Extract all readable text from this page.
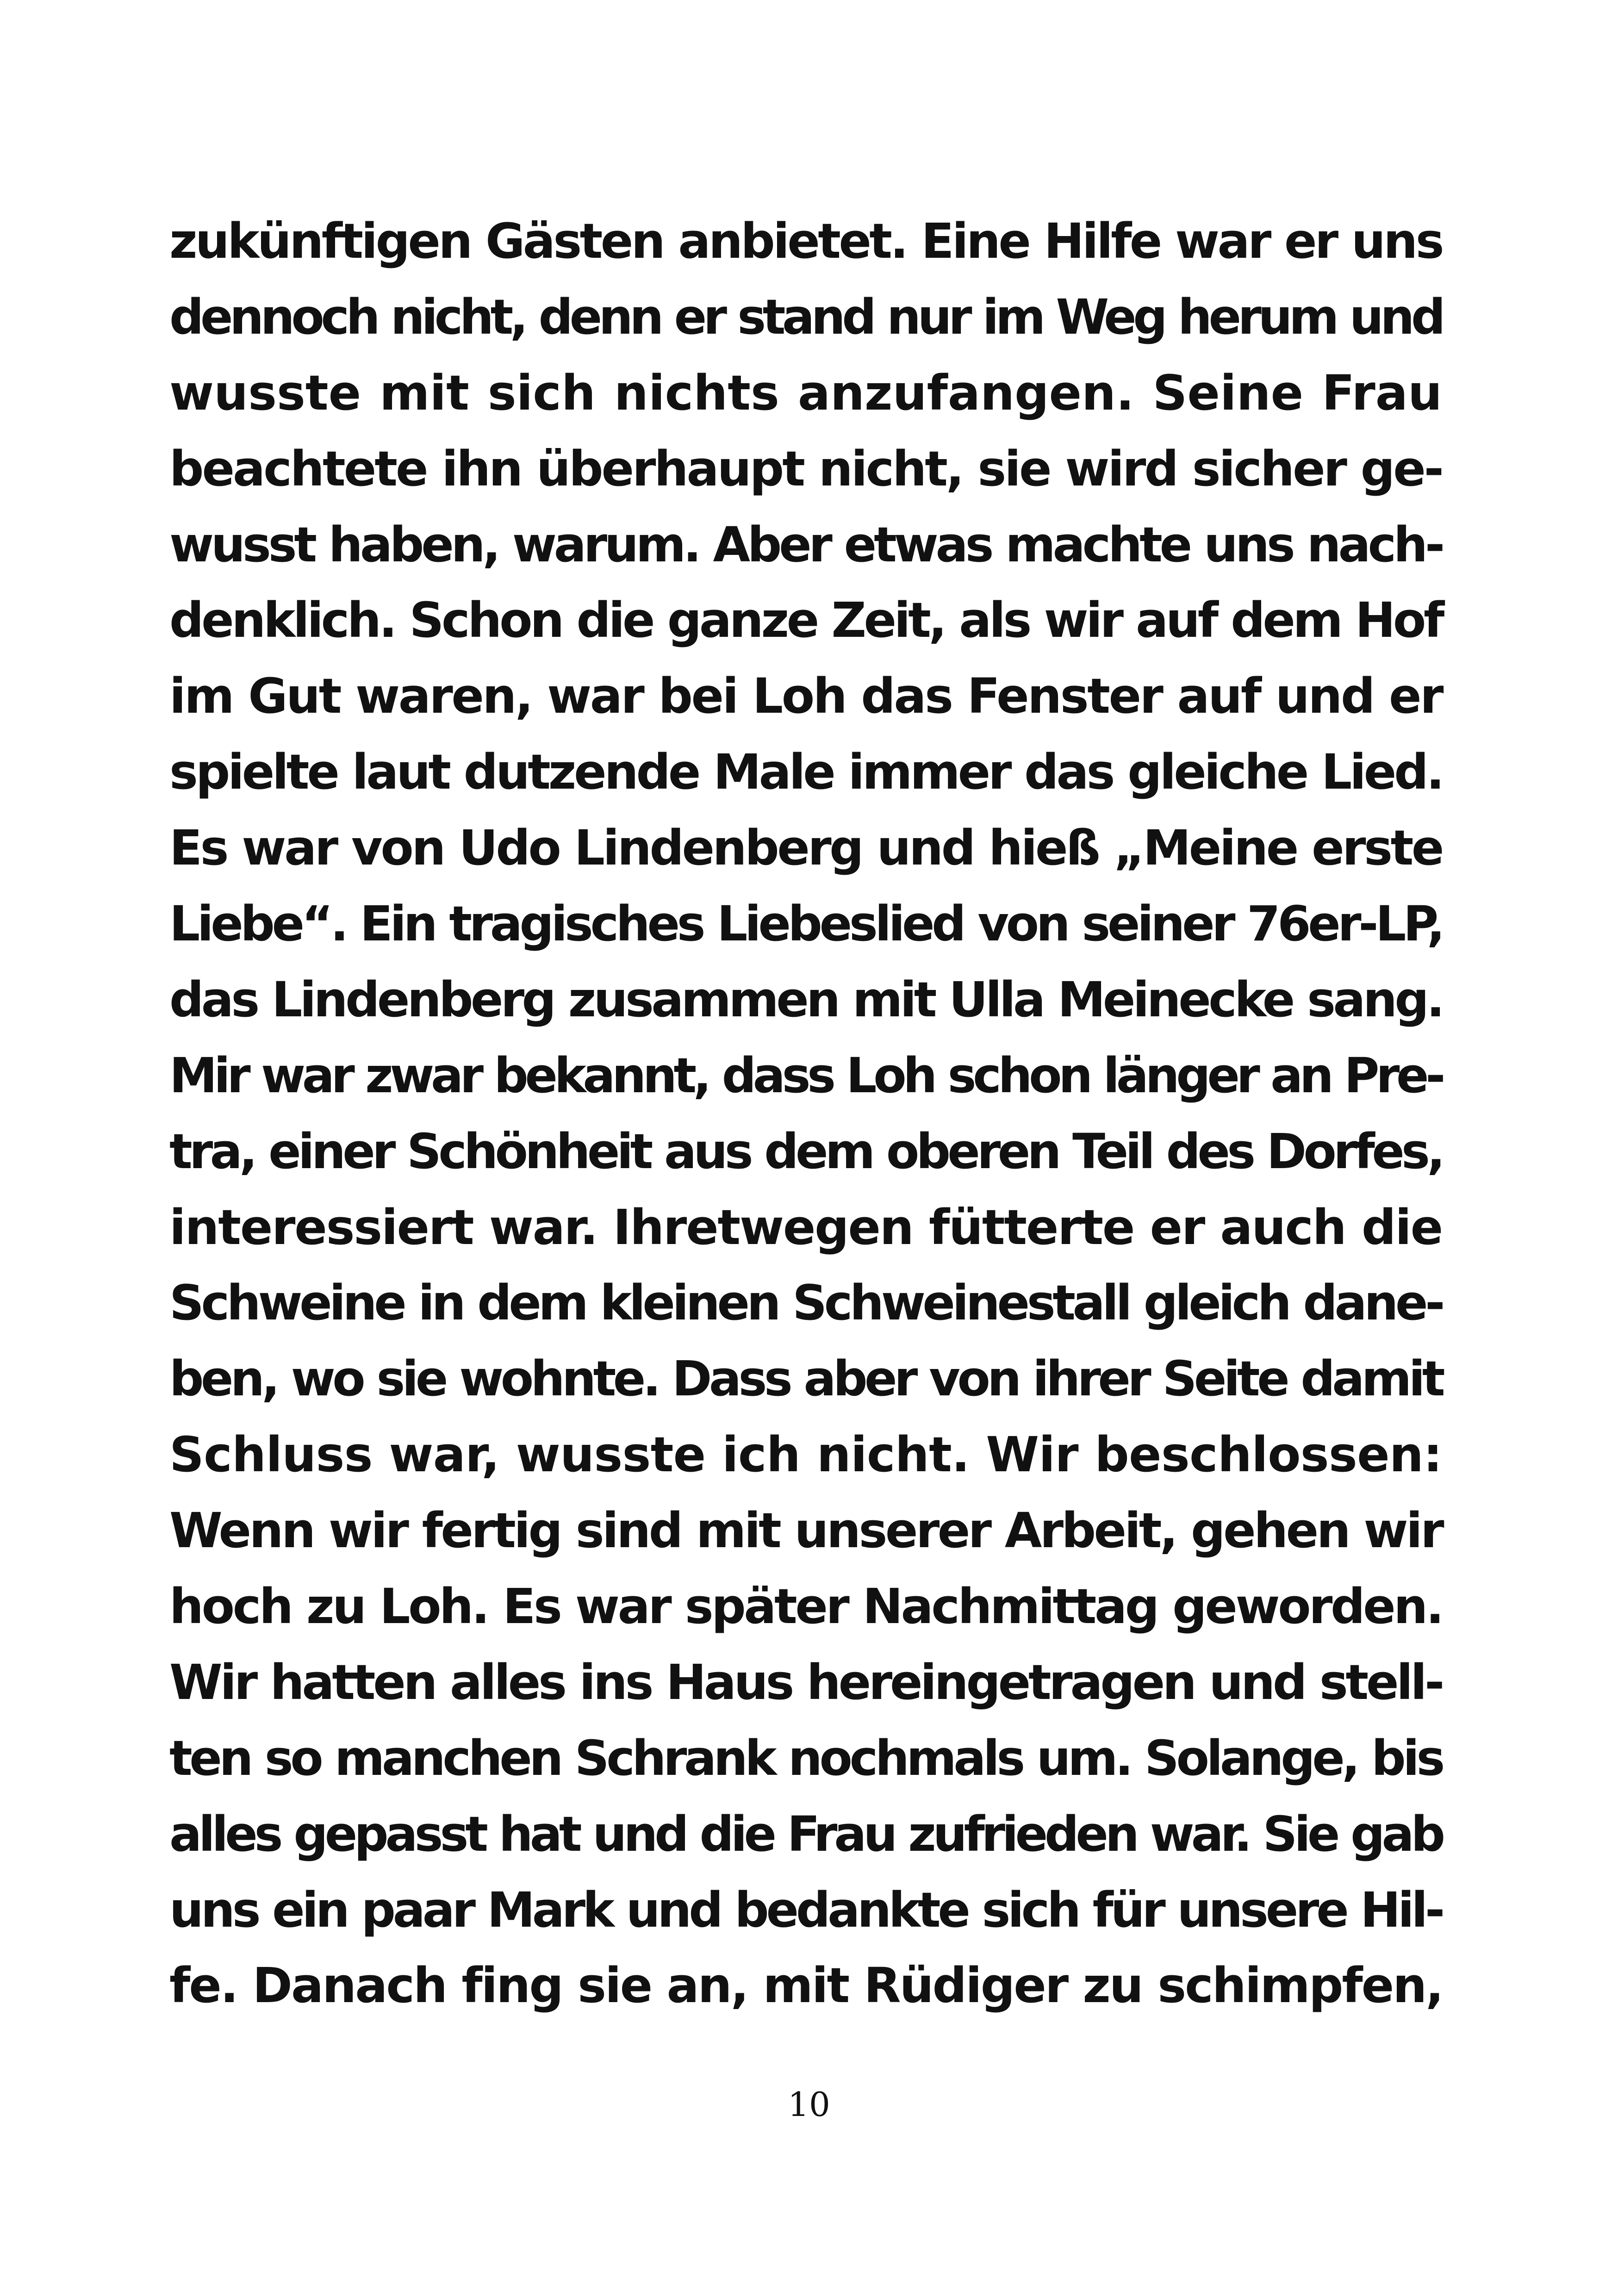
zukünftigen Gästen anbietet. Eine Hilfe war er uns
dennoch nicht, denn er stand nur im Weg herum und
wusste mit sich nichts anzufangen. Seine Frau
beachtete ihn überhaupt nicht, sie wird sicher ge-
wusst haben, warum. Aber etwas machte uns nach-
denklich. Schon die ganze Zeit, als wir auf dem Hof
im Gut waren, war bei Loh das Fenster auf und er
spielte laut dutzende Male immer das gleiche Lied.
Es war von Udo Lindenberg und hieß „Meine erste
Liebe“. Ein tragisches Liebeslied von seiner 76er-LP,
das Lindenberg zusammen mit Ulla Meinecke sang.
Mir war zwar bekannt, dass Loh schon länger an Pre-
tra, einer Schönheit aus dem oberen Teil des Dorfes,
interessiert war. Ihretwegen fütterte er auch die
Schweine in dem kleinen Schweinestall gleich dane-
ben, wo sie wohnte. Dass aber von ihrer Seite damit
Schluss war, wusste ich nicht. Wir beschlossen:
Wenn wir fertig sind mit unserer Arbeit, gehen wir
hoch zu Loh. Es war später Nachmittag geworden.
Wir hatten alles ins Haus hereingetragen und stell-
ten so manchen Schrank nochmals um. Solange, bis
alles gepasst hat und die Frau zufrieden war. Sie gab
uns ein paar Mark und bedankte sich für unsere Hil-
fe. Danach fing sie an, mit Rüdiger zu schimpfen,
10
